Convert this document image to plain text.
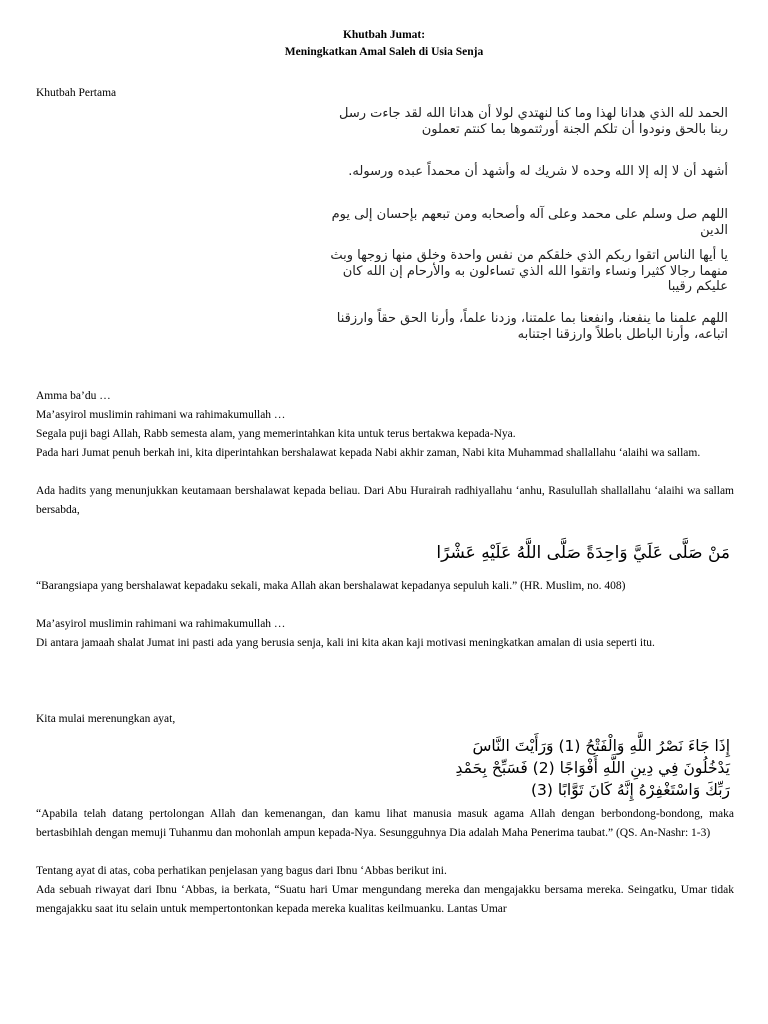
Khutbah Jumat:
Meningkatkan Amal Saleh di Usia Senja

Khutbah Pertama

الحمد لله الذي هدانا لهذا وما كنا لنهتدي لولا أن هدانا الله لقد جاءت رسل ربنا بالحق ونودوا أن تلكم الجنة أورثتموها بما كنتم تعملون

أشهد أن لا إله إلا الله وحده لا شريك له وأشهد أن محمداً عبده ورسوله.

اللهم صل وسلم على محمد وعلى آله وأصحابه ومن تبعهم بإحسان إلى يوم الدين

يا أيها الناس اتقوا ربكم الذي خلقكم من نفس واحدة وخلق منها زوجها وبث منهما رجالا كثيرا ونساء واتقوا الله الذي تساءلون به والأرحام إن الله كان عليكم رقيبا

اللهم علمنا ما ينفعنا، وانفعنا بما علمتنا، وزدنا علماً، وأرنا الحق حقاً وارزقنا اتباعه، وأرنا الباطل باطلاً وارزقنا اجتنابه

Amma ba’du …

Ma’asyirol muslimin rahimani wa rahimakumullah …

Segala puji bagi Allah, Rabb semesta alam, yang memerintahkan kita untuk terus bertakwa kepada-Nya.

Pada hari Jumat penuh berkah ini, kita diperintahkan bershalawat kepada Nabi akhir zaman, Nabi kita Muhammad shallallahu ‘alaihi wa sallam.

Ada hadits yang menunjukkan keutamaan bershalawat kepada beliau. Dari Abu Hurairah radhiyallahu ‘anhu, Rasulullah shallallahu ‘alaihi wa sallam bersabda,

مَنْ صَلَّى عَلَيَّ وَاحِدَةً صَلَّى اللَّهُ عَلَيْهِ عَشْرًا

“Barangsiapa yang bershalawat kepadaku sekali, maka Allah akan bershalawat kepadanya sepuluh kali.” (HR. Muslim, no. 408)

Ma’asyirol muslimin rahimani wa rahimakumullah …

Di antara jamaah shalat Jumat ini pasti ada yang berusia senja, kali ini kita akan kaji motivasi meningkatkan amalan di usia seperti itu.

Kita mulai merenungkan ayat,

إِذَا جَاءَ نَصْرُ اللَّهِ وَالْفَتْحُ (1) وَرَأَيْتَ النَّاسَ

يَدْخُلُونَ فِي دِينِ اللَّهِ أَفْوَاجًا (2) فَسَبِّحْ بِحَمْدِ

رَبِّكَ وَاسْتَغْفِرْهُ إِنَّهُ كَانَ تَوَّابًا (3)

“Apabila telah datang pertolongan Allah dan kemenangan, dan kamu lihat manusia masuk agama Allah dengan berbondong-bondong, maka bertasbihlah dengan memuji Tuhanmu dan mohonlah ampun kepada-Nya. Sesungguhnya Dia adalah Maha Penerima taubat.” (QS. An-Nashr: 1-3)

Tentang ayat di atas, coba perhatikan penjelasan yang bagus dari Ibnu ‘Abbas berikut ini.

Ada sebuah riwayat dari Ibnu ‘Abbas, ia berkata, “Suatu hari Umar mengundang mereka dan mengajakku bersama mereka. Seingatku, Umar tidak mengajakku saat itu selain untuk mempertontonkan kepada mereka kualitas keilmuanku. Lantas Umar
